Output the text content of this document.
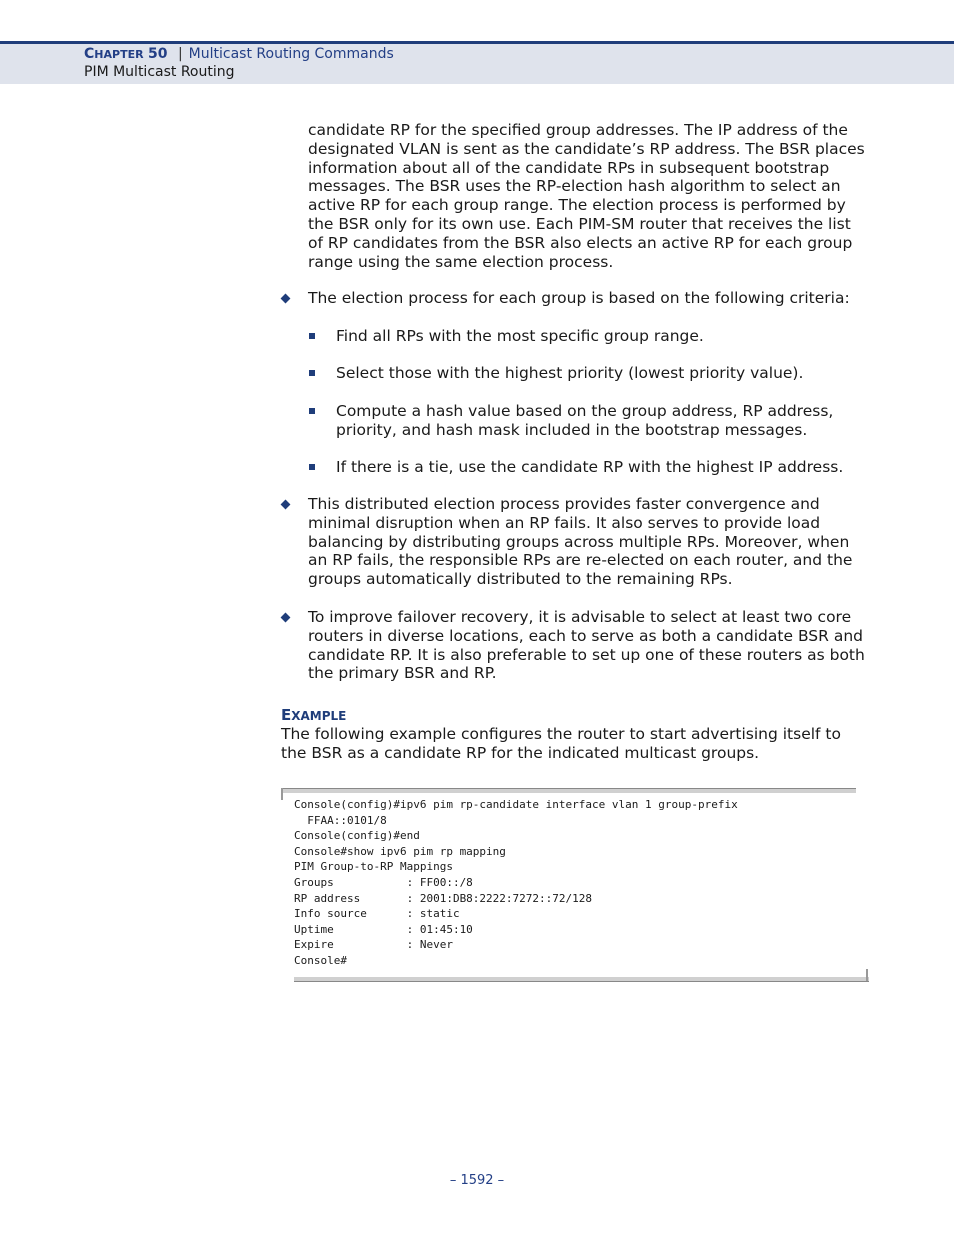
CHAPTER 50 | Multicast Routing Commands
PIM Multicast Routing
candidate RP for the specified group addresses. The IP address of the
designated VLAN is sent as the candidate’s RP address. The BSR places
information about all of the candidate RPs in subsequent bootstrap
messages. The BSR uses the RP-election hash algorithm to select an
active RP for each group range. The election process is performed by
the BSR only for its own use. Each PIM-SM router that receives the list
of RP candidates from the BSR also elects an active RP for each group
range using the same election process.
The election process for each group is based on the following criteria:
Find all RPs with the most specific group range.
Select those with the highest priority (lowest priority value).
Compute a hash value based on the group address, RP address,
priority, and hash mask included in the bootstrap messages.
If there is a tie, use the candidate RP with the highest IP address.
This distributed election process provides faster convergence and
minimal disruption when an RP fails. It also serves to provide load
balancing by distributing groups across multiple RPs. Moreover, when
an RP fails, the responsible RPs are re-elected on each router, and the
groups automatically distributed to the remaining RPs.
To improve failover recovery, it is advisable to select at least two core
routers in diverse locations, each to serve as both a candidate BSR and
candidate RP. It is also preferable to set up one of these routers as both
the primary BSR and RP.
EXAMPLE
The following example configures the router to start advertising itself to
the BSR as a candidate RP for the indicated multicast groups.
Console(config)#ipv6 pim rp-candidate interface vlan 1 group-prefix
FFAA::0101/8
Console(config)#end
Console#show ipv6 pim rp mapping
PIM Group-to-RP Mappings
Groups           : FF00::/8
RP address       : 2001:DB8:2222:7272::72/128
Info source      : static
Uptime           : 01:45:10
Expire           : Never
Console#
– 1592 –
